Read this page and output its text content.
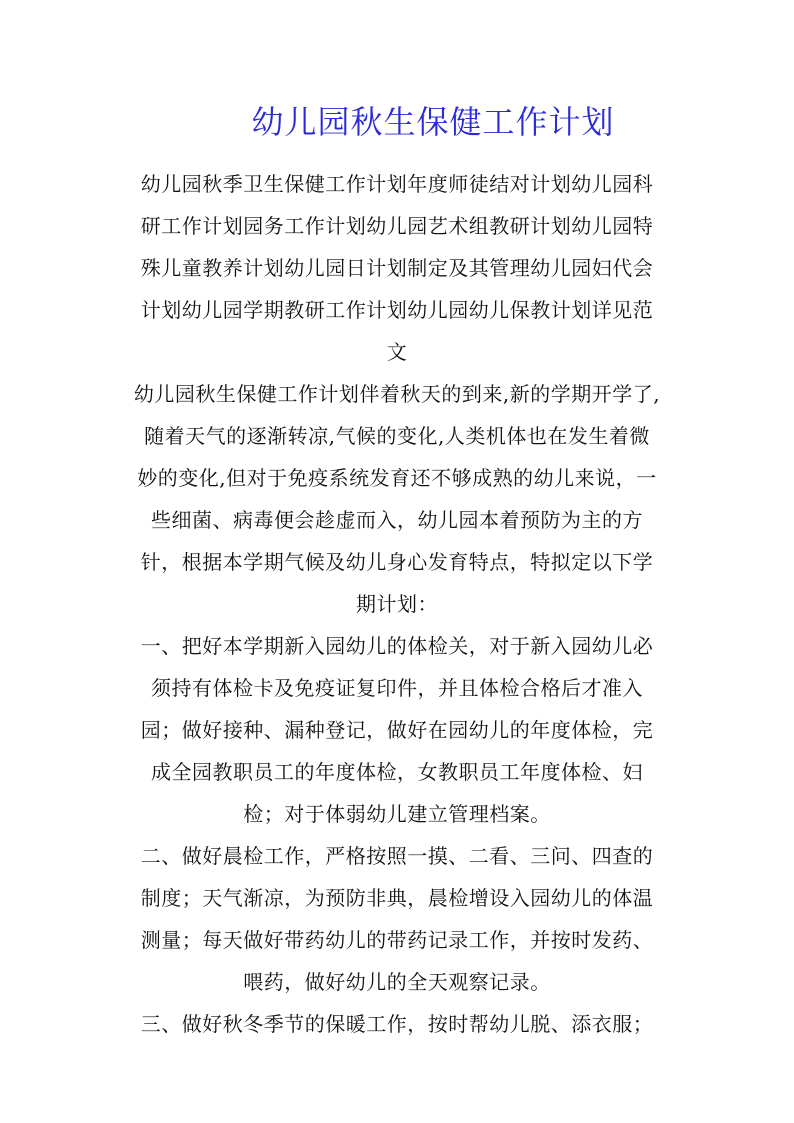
幼儿园秋生保健工作计划
幼儿园秋季卫生保健工作计划年度师徒结对计划幼儿园科
研工作计划园务工作计划幼儿园艺术组教研计划幼儿园特
殊儿童教养计划幼儿园日计划制定及其管理幼儿园妇代会
计划幼儿园学期教研工作计划幼儿园幼儿保教计划详见范
文
幼儿园秋生保健工作计划伴着秋天的到来,新的学期开学了,
随着天气的逐渐转凉,气候的变化,人类机体也在发生着微
妙的变化,但对于免疫系统发育还不够成熟的幼儿来说，一
些细菌、病毒便会趁虚而入，幼儿园本着预防为主的方
针，根据本学期气候及幼儿身心发育特点，特拟定以下学
期计划：
一、把好本学期新入园幼儿的体检关，对于新入园幼儿必
须持有体检卡及免疫证复印件，并且体检合格后才准入
园；做好接种、漏种登记，做好在园幼儿的年度体检，完
成全园教职员工的年度体检，女教职员工年度体检、妇
检；对于体弱幼儿建立管理档案。
二、做好晨检工作，严格按照一摸、二看、三问、四查的
制度；天气渐凉，为预防非典，晨检增设入园幼儿的体温
测量；每天做好带药幼儿的带药记录工作，并按时发药、
喂药，做好幼儿的全天观察记录。
三、做好秋冬季节的保暖工作，按时帮幼儿脱、添衣服；
